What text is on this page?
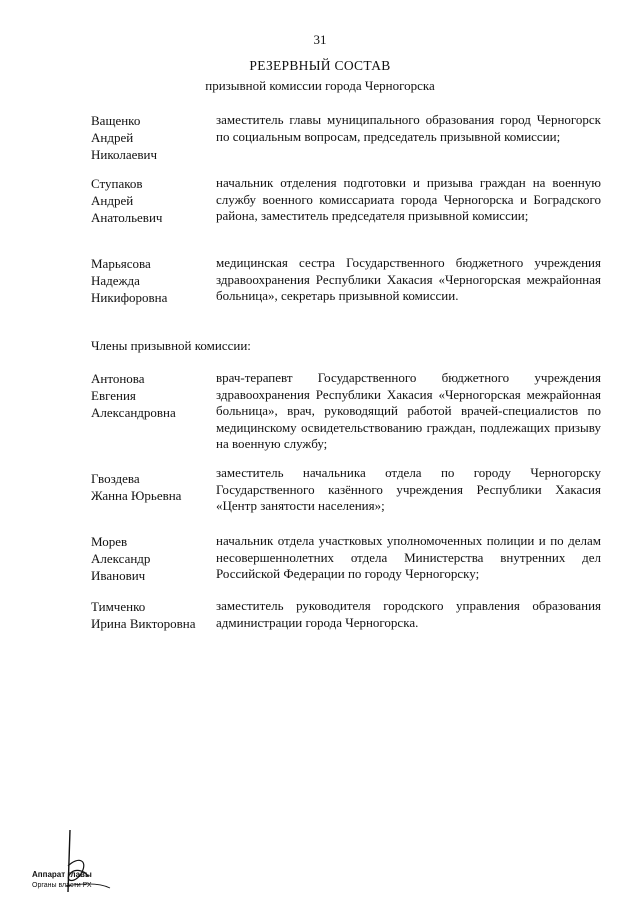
31
РЕЗЕРВНЫЙ СОСТАВ
призывной комиссии города Черногорска
Ващенко
Андрей
Николаевич
заместитель главы муниципального образования город Черногорск по социальным вопросам, председатель призывной комиссии;
Ступаков
Андрей
Анатольевич
начальник отделения подготовки и призыва граждан на военную службу военного комиссариата города Черногорска и Боградского района, заместитель председателя призывной комиссии;
Марьясова
Надежда
Никифоровна
медицинская сестра Государственного бюджетного учреждения здравоохранения Республики Хакасия «Черногорская межрайонная больница», секретарь призывной комиссии.
Члены призывной комиссии:
Антонова
Евгения
Александровна
врач-терапевт Государственного бюджетного учреждения здравоохранения Республики Хакасия «Черногорская межрайонная больница», врач, руководящий работой врачей-специалистов по медицинскому освидетельствованию граждан, подлежащих призыву на военную службу;
Гвоздева
Жанна Юрьевна
заместитель начальника отдела по городу Черногорску Государственного казённого учреждения Республики Хакасия «Центр занятости населения»;
Морев
Александр
Иванович
начальник отдела участковых уполномоченных полиции и по делам несовершеннолетних отдела Министерства внутренних дел Российской Федерации по городу Черногорску;
Тимченко
Ирина Викторовна
заместитель руководителя городского управления образования администрации города Черногорска.
Аппарат главы
Органы власти РХ
